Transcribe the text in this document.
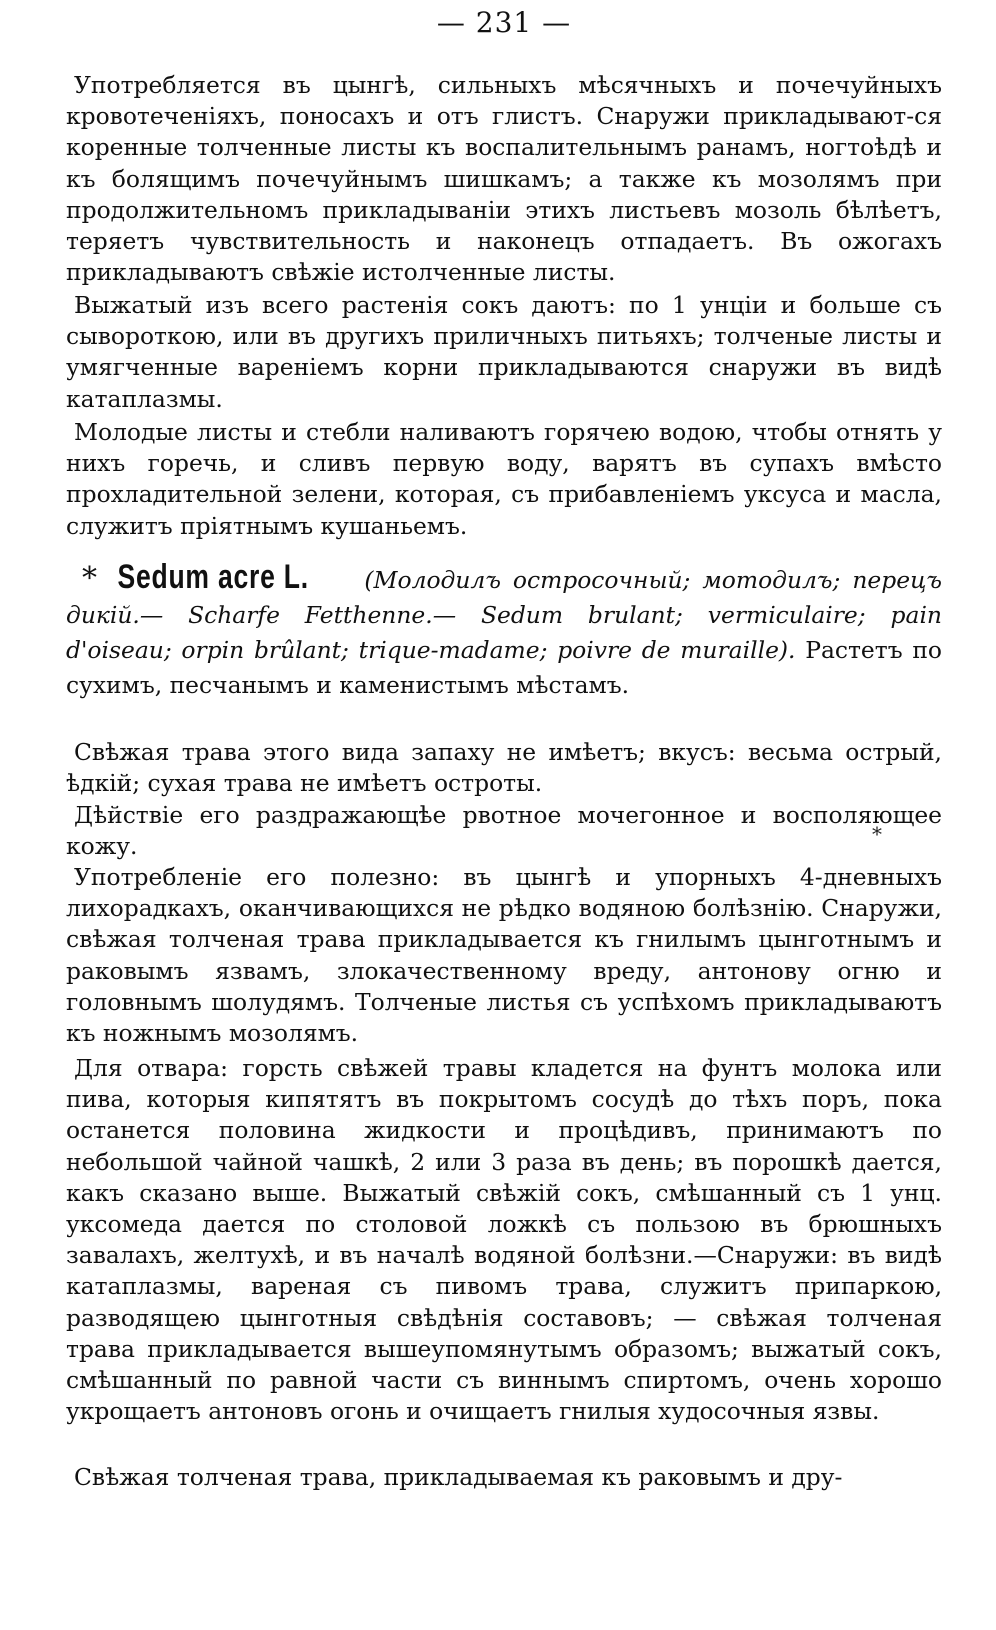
— 231 —

Употребляется въ цынгѣ, сильныхъ мѣсячныхъ и почечуйныхъ кровотеченіяхъ, поносахъ и отъ глистъ. Снаружи прикладывают-ся коренные толченные листы къ воспалительнымъ ранамъ, ногтоѣдѣ и къ болящимъ почечуйнымъ шишкамъ; а также къ мозолямъ при продолжительномъ прикладываніи этихъ листьевъ мозоль бѣлѣетъ, теряетъ чувствительность и наконецъ отпадаетъ. Въ ожогахъ прикладываютъ свѣжіе истолченные листы.

Выжатый изъ всего растенія сокъ даютъ: по 1 унціи и больше съ сывороткою, или въ другихъ приличныхъ питьяхъ; толченые листы и умягченные вареніемъ корни прикладываются снаружи въ видѣ катаплазмы.

Молодые листы и стебли наливаютъ горячею водою, чтобы отнять у нихъ горечь, и сливъ первую воду, варятъ въ супахъ вмѣсто прохладительной зелени, которая, съ прибавленіемъ уксуса и масла, служитъ пріятнымъ кушаньемъ.

* Sedum acre L. (Молодилъ остросочный; мотодилъ; перецъ дикій.— Scharfe Fetthenne.— Sedum brulant; vermiculaire; pain d'oiseau; orpin brûlant; trique-madame; poivre de muraille). Растетъ по сухимъ, песчанымъ и каменистымъ мѣстамъ.

Свѣжая трава этого вида запаху не имѣетъ; вкусъ: весьма острый, ѣдкій; сухая трава не имѣетъ остроты.

Дѣйствіе его раздражающѣе рвотное мочегонное и восполяющее кожу.	*

Употребленіе его полезно: въ цынгѣ и упорныхъ 4-дневныхъ лихорадкахъ, оканчивающихся не рѣдко водяною болѣзнію. Снаружи, свѣжая толченая трава прикладывается къ гнилымъ цынготнымъ и раковымъ язвамъ, злокачественному вреду, антонову огню и головнымъ шолудямъ. Толченые листья съ успѣхомъ прикладываютъ къ ножнымъ мозолямъ.

Для отвара: горсть свѣжей травы кладется на фунтъ молока или пива, которыя кипятятъ въ покрытомъ сосудѣ до тѣхъ поръ, пока останется половина жидкости и процѣдивъ, принимаютъ по небольшой чайной чашкѣ, 2 или 3 раза въ день; въ порошкѣ дается, какъ сказано выше. Выжатый свѣжій сокъ, смѣшанный съ 1 унц. уксомеда дается по столовой ложкѣ съ пользою въ брюшныхъ завалахъ, желтухѣ, и въ началѣ водяной болѣзни.—Снаружи: въ видѣ катаплазмы, вареная съ пивомъ трава, служитъ припаркою, разводящею цынготныя свѣдѣнія составовъ; — свѣжая толченая трава прикладывается вышеупомянутымъ образомъ; выжатый сокъ, смѣшанный по равной части съ виннымъ спиртомъ, очень хорошо укрощаетъ антоновъ огонь и очищаетъ гнилыя худосочныя язвы.

Свѣжая толченая трава, прикладываемая къ раковымъ и дру-
